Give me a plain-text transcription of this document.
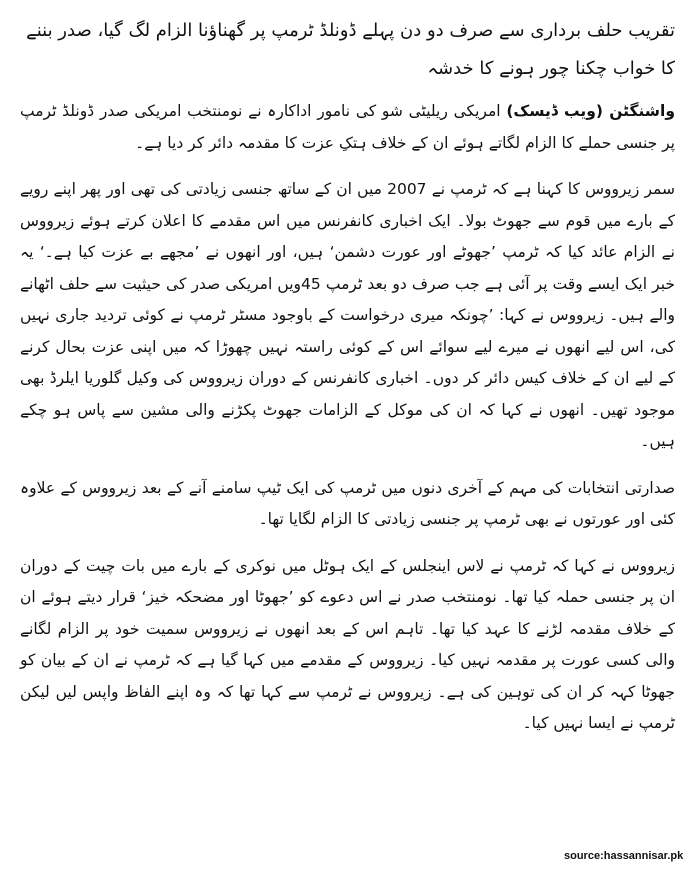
تقریب حلف برداری سے صرف دو دن پہلے ڈونلڈ ٹرمپ پر گھناؤنا الزام لگ گیا، صدر بننے کا خواب چکنا چور ہونے کا خدشہ

واشنگٹن (ویب ڈیسک) امریکی ریلیٹی شو کی نامور اداکارہ نے نومنتخب امریکی صدر ڈونلڈ ٹرمپ پر جنسی حملے کا الزام لگاتے ہوئے ان کے خلاف ہتکِ عزت کا مقدمہ دائر کر دیا ہے۔

سمر زیرووس کا کہنا ہے کہ ٹرمپ نے 2007 میں ان کے ساتھ جنسی زیادتی کی تھی اور پھر اپنے رویے کے بارے میں قوم سے جھوٹ بولا۔ ایک اخباری کانفرنس میں اس مقدمے کا اعلان کرتے ہوئے زیرووس نے الزام عائد کیا کہ ٹرمپ ’جھوٹے اور عورت دشمن‘ ہیں، اور انھوں نے ’مجھے بے عزت کیا ہے۔‘ یہ خبر ایک ایسے وقت پر آئی ہے جب صرف دو بعد ٹرمپ 45ویں امریکی صدر کی حیثیت سے حلف اٹھانے والے ہیں۔ زیرووس نے کہا: ’چونکہ میری درخواست کے باوجود مسٹر ٹرمپ نے کوئی تردید جاری نہیں کی، اس لیے انھوں نے میرے لیے سوائے اس کے کوئی راستہ نہیں چھوڑا کہ میں اپنی عزت بحال کرنے کے لیے ان کے خلاف کیس دائر کر دوں۔ اخباری کانفرنس کے دوران زیرووس کی وکیل گلوریا ایلرڈ بھی موجود تھیں۔ انھوں نے کہا کہ ان کی موکل کے الزامات جھوٹ پکڑنے والی مشین سے پاس ہو چکے ہیں۔

صدارتی انتخابات کی مہم کے آخری دنوں میں ٹرمپ کی ایک ٹیپ سامنے آنے کے بعد زیرووس کے علاوہ کئی اور عورتوں نے بھی ٹرمپ پر جنسی زیادتی کا الزام لگایا تھا۔

زیرووس نے کہا کہ ٹرمپ نے لاس اینجلس کے ایک ہوٹل میں نوکری کے بارے میں بات چیت کے دوران ان پر جنسی حملہ کیا تھا۔ نومنتخب صدر نے اس دعوے کو ’جھوٹا اور مضحکہ خیز‘ قرار دیتے ہوئے ان کے خلاف مقدمہ لڑنے کا عہد کیا تھا۔ تاہم اس کے بعد انھوں نے زیرووس سمیت خود پر الزام لگانے والی کسی عورت پر مقدمہ نہیں کیا۔ زیرووس کے مقدمے میں کہا گیا ہے کہ ٹرمپ نے ان کے بیان کو جھوٹا کہہ کر ان کی توہین کی ہے۔ زیرووس نے ٹرمپ سے کہا تھا کہ وہ اپنے الفاظ واپس لیں لیکن ٹرمپ نے ایسا نہیں کیا۔

source:hassannisar.pk
